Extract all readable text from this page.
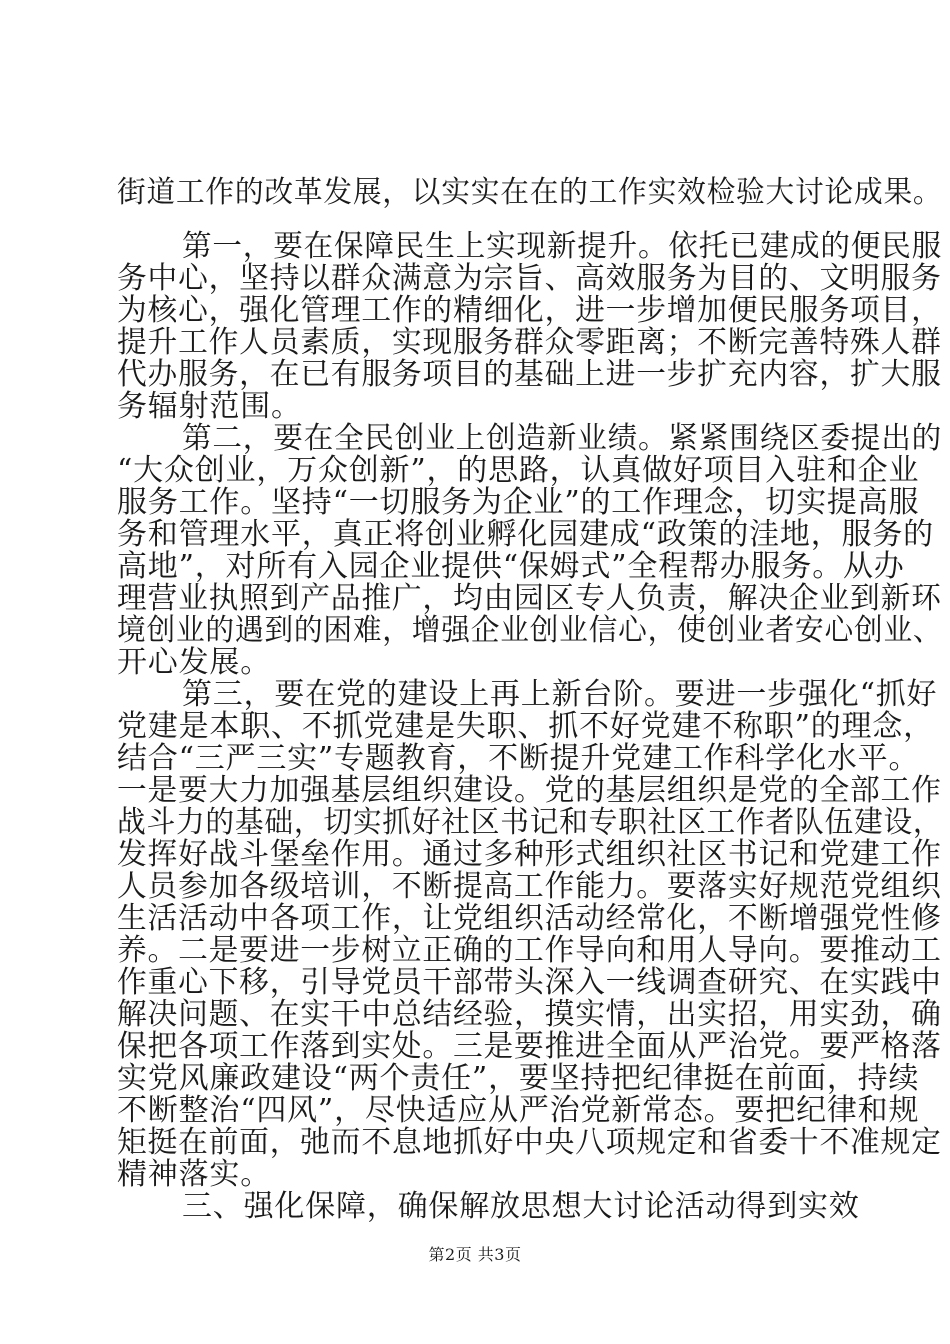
街道工作的改革发展，以实实在在的工作实效检验大讨论成果。
第一，要在保障民生上实现新提升。依托已建成的便民服
务中心，坚持以群众满意为宗旨、高效服务为目的、文明服务
为核心，强化管理工作的精细化，进一步增加便民服务项目，
提升工作人员素质，实现服务群众零距离；不断完善特殊人群
代办服务，在已有服务项目的基础上进一步扩充内容，扩大服
务辐射范围。
第二，要在全民创业上创造新业绩。紧紧围绕区委提出的
“大众创业，万众创新”，的思路，认真做好项目入驻和企业
服务工作。坚持“一切服务为企业”的工作理念，切实提高服
务和管理水平，真正将创业孵化园建成“政策的洼地，服务的
高地”，对所有入园企业提供“保姆式”全程帮办服务。从办
理营业执照到产品推广，均由园区专人负责，解决企业到新环
境创业的遇到的困难，增强企业创业信心，使创业者安心创业、
开心发展。
第三，要在党的建设上再上新台阶。要进一步强化“抓好
党建是本职、不抓党建是失职、抓不好党建不称职”的理念，
结合“三严三实”专题教育，不断提升党建工作科学化水平。
一是要大力加强基层组织建设。党的基层组织是党的全部工作
战斗力的基础，切实抓好社区书记和专职社区工作者队伍建设，
发挥好战斗堡垒作用。通过多种形式组织社区书记和党建工作
人员参加各级培训，不断提高工作能力。要落实好规范党组织
生活活动中各项工作，让党组织活动经常化，不断增强党性修
养。二是要进一步树立正确的工作导向和用人导向。要推动工
作重心下移，引导党员干部带头深入一线调查研究、在实践中
解决问题、在实干中总结经验，摸实情，出实招，用实劲，确
保把各项工作落到实处。三是要推进全面从严治党。要严格落
实党风廉政建设“两个责任”，要坚持把纪律挺在前面，持续
不断整治“四风”，尽快适应从严治党新常态。要把纪律和规
矩挺在前面，弛而不息地抓好中央八项规定和省委十不准规定
精神落实。
三、强化保障，确保解放思想大讨论活动得到实效
第2页 共3页
